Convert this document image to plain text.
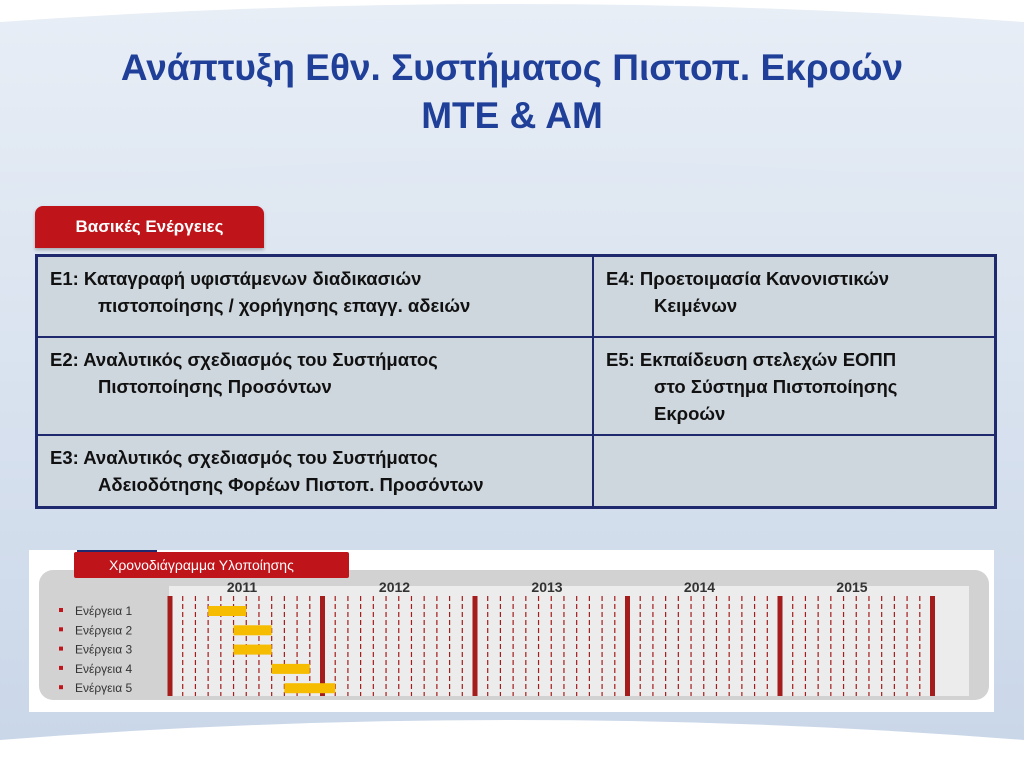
Ανάπτυξη Εθν. Συστήματος Πιστοπ. Εκροών
ΜΤΕ & ΑΜ
Βασικές Ενέργειες
Ε1: Καταγραφή υφιστάμενων διαδικασιών
πιστοποίησης / χορήγησης επαγγ. αδειών
Ε4: Προετοιμασία Κανονιστικών
Κειμένων
Ε2: Αναλυτικός σχεδιασμός του Συστήματος
Πιστοποίησης Προσόντων
Ε5: Εκπαίδευση στελεχών ΕΟΠΠ
στο Σύστημα Πιστοποίησης
Εκροών
Ε3: Αναλυτικός σχεδιασμός του Συστήματος
Αδειοδότησης Φορέων Πιστοπ. Προσόντων
Χρονοδιάγραμμα Υλοποίησης
2011	2012	2013	2014	2015
Ενέργεια 1
Ενέργεια 2
Ενέργεια 3
Ενέργεια 4
Ενέργεια 5
